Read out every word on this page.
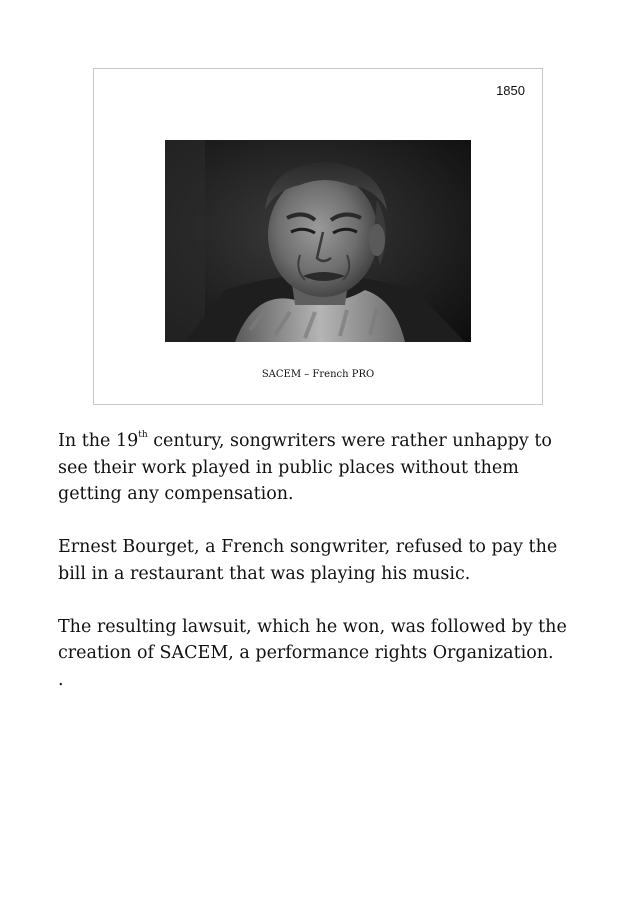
1850
SACEM – French PRO

In the 19th century, songwriters were rather unhappy to see their work played in public places without them getting any compensation.

Ernest Bourget, a French songwriter, refused to pay the bill in a restaurant that was playing his music.

The resulting lawsuit, which he won, was followed by the creation of SACEM, a performance rights Organization.

.
